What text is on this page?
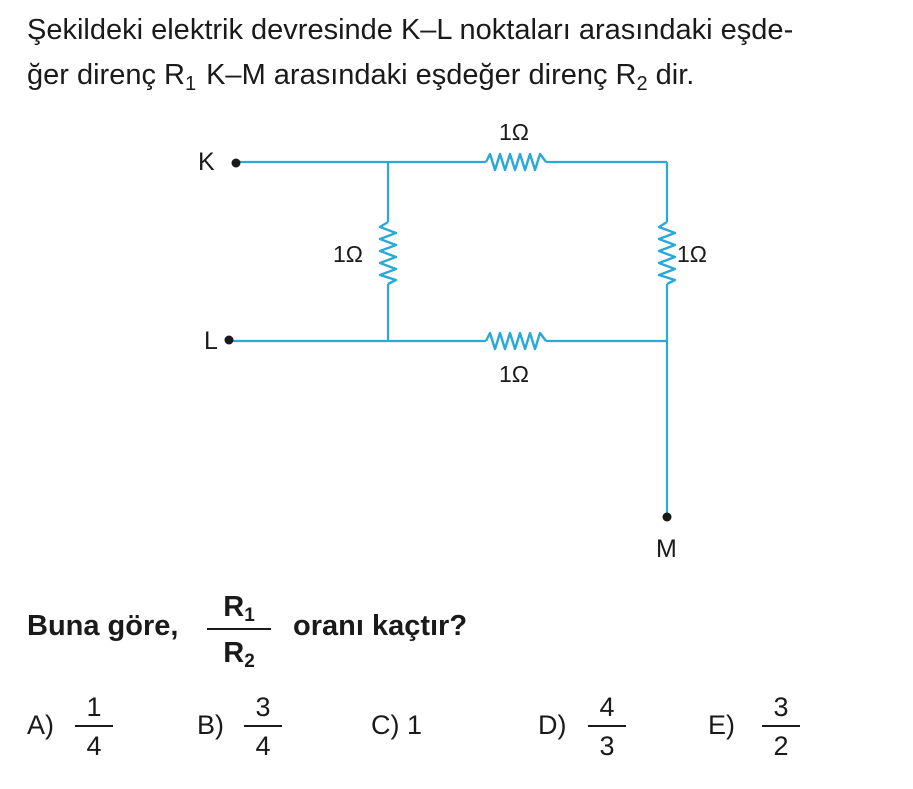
Şekildeki elektrik devresinde K–L noktaları arasındaki eşde-
ğer direnç $R_1$ K–M arasındaki eşdeğer direnç $R_2$ dir.
K
L
M
1Ω
1Ω	1Ω
1Ω
Buna göre,
$R_1$
$R_2$
oranı kaçtır?
A)
1
4
B)
3
4
C) 1	D)
4
3
E)
3
2
